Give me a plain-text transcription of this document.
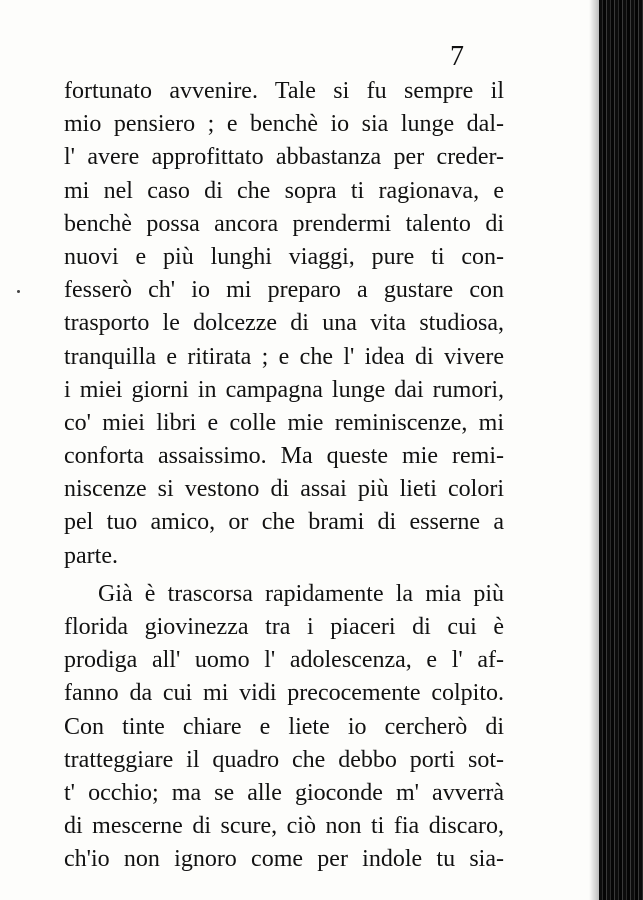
7
fortunato avvenire. Tale si fu sempre il
mio pensiero ; e benchè io sia lunge dal-
l' avere approfittato abbastanza per creder-
mi nel caso di che sopra ti ragionava, e
benchè possa ancora prendermi talento di
nuovi e più lunghi viaggi, pure ti con-
fesserò ch' io mi preparo a gustare con
trasporto le dolcezze di una vita studiosa,
tranquilla e ritirata ; e che l' idea di vivere
i miei giorni in campagna lunge dai rumori,
co' miei libri e colle mie reminiscenze, mi
conforta assaissimo. Ma queste mie remi-
niscenze si vestono di assai più lieti colori
pel tuo amico, or che brami di esserne a
parte.
Già è trascorsa rapidamente la mia più
florida giovinezza tra i piaceri di cui è
prodiga all' uomo l' adolescenza, e l' af-
fanno da cui mi vidi precocemente colpito.
Con tinte chiare e liete io cercherò di
tratteggiare il quadro che debbo porti sot-
t' occhio; ma se alle gioconde m' avverrà
di mescerne di scure, ciò non ti fia discaro,
ch'io non ignoro come per indole tu sia-
